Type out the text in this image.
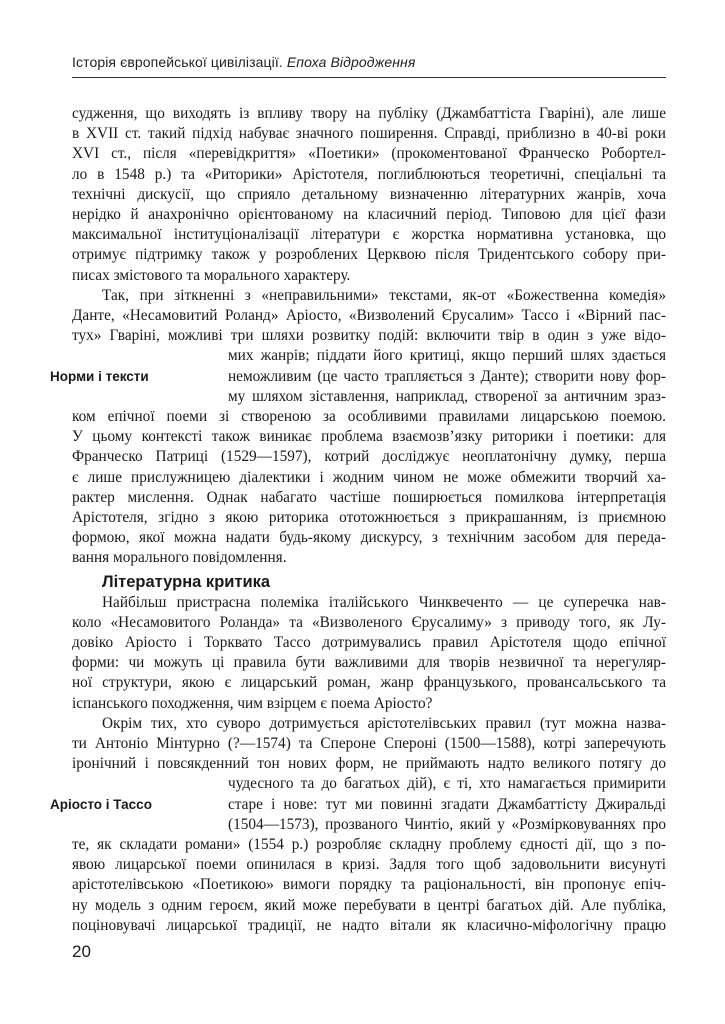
Історія європейської цивілізації. Епоха Відродження
судження, що виходять із впливу твору на публіку (Джамбаттіста Гваріні), але лише
в XVII ст. такий підхід набуває значного поширення. Справді, приблизно в 40-ві роки
XVI ст., після «перевідкриття» «Поетики» (прокоментованої Франческо Робортел-
ло в 1548 р.) та «Риторики» Арістотеля, поглиблюються теоретичні, спеціальні та
технічні дискусії, що сприяло детальному визначенню літературних жанрів, хоча
нерідко й анахронічно орієнтованому на класичний період. Типовою для цієї фази
максимальної інституціоналізації літератури є жорстка нормативна установка, що
отримує підтримку також у розроблених Церквою після Тридентського собору при-
писах змістового та морального характеру.
Так, при зіткненні з «неправильними» текстами, як-от «Божественна комедія»
Данте, «Несамовитий Роланд» Аріосто, «Визволений Єрусалим» Тассо і «Вірний пас-
тух» Гваріні, можливі три шляхи розвитку подій: включити твір в один з уже відо-
мих жанрів; піддати його критиці, якщо перший шлях здається
Норми і тексти	неможливим (це часто трапляється з Данте); створити нову фор-
му шляхом зіставлення, наприклад, створеної за античним зраз-
ком епічної поеми зі створеною за особливими правилами лицарською поемою.
У цьому контексті також виникає проблема взаємозв’язку риторики і поетики: для
Франческо Патриці (1529—1597), котрий досліджує неоплатонічну думку, перша
є лише прислужницею діалектики і жодним чином не може обмежити творчий ха-
рактер мислення. Однак набагато частіше поширюється помилкова інтерпретація
Арістотеля, згідно з якою риторика ототожнюється з прикрашанням, із приємною
формою, якої можна надати будь-якому дискурсу, з технічним засобом для переда-
вання морального повідомлення.
Літературна критика
Найбільш пристрасна полеміка італійського Чинквеченто — це суперечка нав-
коло «Несамовитого Роланда» та «Визволеного Єрусалиму» з приводу того, як Лу-
довіко Аріосто і Торквато Тассо дотримувались правил Арістотеля щодо епічної
форми: чи можуть ці правила бути важливими для творів незвичної та нерегуляр-
ної структури, якою є лицарський роман, жанр французького, провансальського та
іспанського походження, чим взірцем є поема Аріосто?
Окрім тих, хто суворо дотримується арістотелівських правил (тут можна назва-
ти Антоніо Мінтурно (?—1574) та Спероне Спероні (1500—1588), котрі заперечують
іронічний і повсякденний тон нових форм, не приймають надто великого потягу до
чудесного та до багатьох дій), є ті, хто намагається примирити
Аріосто і Тассо	старе і нове: тут ми повинні згадати Джамбаттісту Джиральді
(1504—1573), прозваного Чинтіо, який у «Розмірковуваннях про
те, як складати романи» (1554 р.) розробляє складну проблему єдності дії, що з по-
явою лицарської поеми опинилася в кризі. Задля того щоб задовольнити висунуті
арістотелівською «Поетикою» вимоги порядку та раціональності, він пропонує епіч-
ну модель з одним героєм, який може перебувати в центрі багатьох дій. Але публіка,
поціновувачі лицарської традиції, не надто вітали як класично-міфологічну працю
20
